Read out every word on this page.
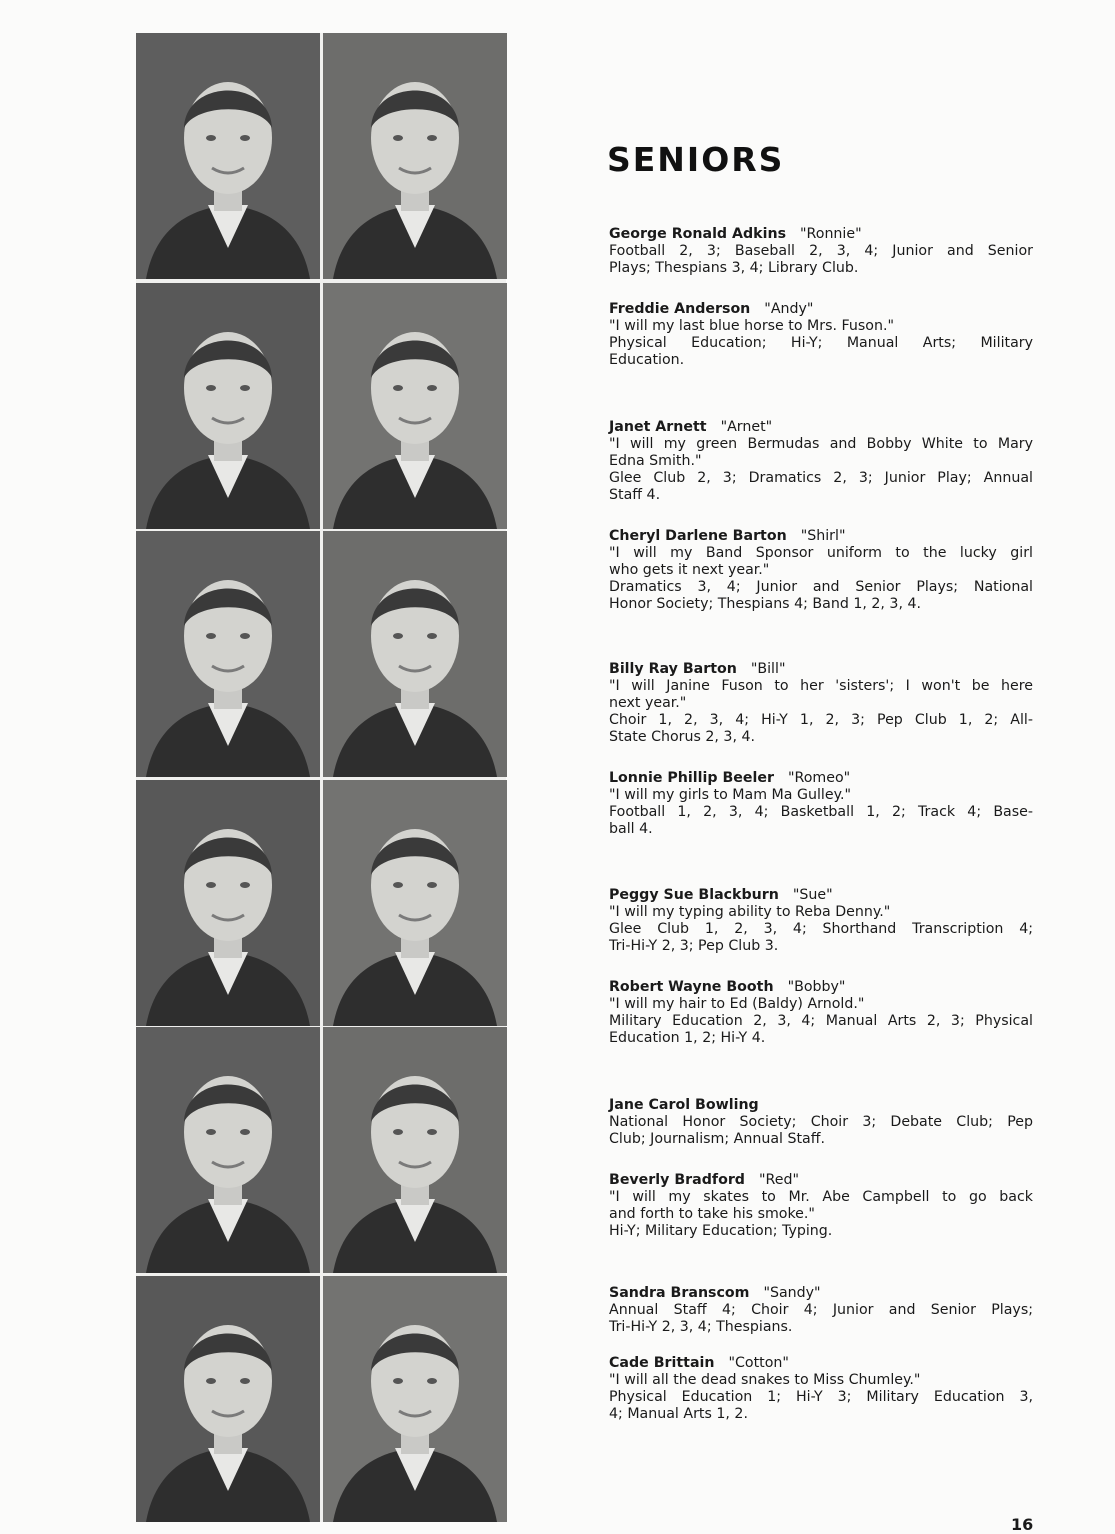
SENIORS
George Ronald Adkins "Ronnie"
Football 2, 3; Baseball 2, 3, 4; Junior and Senior
Plays; Thespians 3, 4; Library Club.
Freddie Anderson "Andy"
"I will my last blue horse to Mrs. Fuson."
Physical Education; Hi-Y; Manual Arts; Military
Education.
Janet Arnett "Arnet"
"I will my green Bermudas and Bobby White to Mary
Edna Smith."
Glee Club 2, 3; Dramatics 2, 3; Junior Play; Annual
Staff 4.
Cheryl Darlene Barton "Shirl"
"I will my Band Sponsor uniform to the lucky girl
who gets it next year."
Dramatics 3, 4; Junior and Senior Plays; National
Honor Society; Thespians 4; Band 1, 2, 3, 4.
Billy Ray Barton "Bill"
"I will Janine Fuson to her 'sisters'; I won't be here
next year."
Choir 1, 2, 3, 4; Hi-Y 1, 2, 3; Pep Club 1, 2; All-
State Chorus 2, 3, 4.
Lonnie Phillip Beeler "Romeo"
"I will my girls to Mam Ma Gulley."
Football 1, 2, 3, 4; Basketball 1, 2; Track 4; Base-
ball 4.
Peggy Sue Blackburn "Sue"
"I will my typing ability to Reba Denny."
Glee Club 1, 2, 3, 4; Shorthand Transcription 4;
Tri-Hi-Y 2, 3; Pep Club 3.
Robert Wayne Booth "Bobby"
"I will my hair to Ed (Baldy) Arnold."
Military Education 2, 3, 4; Manual Arts 2, 3; Physical
Education 1, 2; Hi-Y 4.
Jane Carol Bowling
National Honor Society; Choir 3; Debate Club; Pep
Club; Journalism; Annual Staff.
Beverly Bradford "Red"
"I will my skates to Mr. Abe Campbell to go back
and forth to take his smoke."
Hi-Y; Military Education; Typing.
Sandra Branscom "Sandy"
Annual Staff 4; Choir 4; Junior and Senior Plays;
Tri-Hi-Y 2, 3, 4; Thespians.
Cade Brittain "Cotton"
"I will all the dead snakes to Miss Chumley."
Physical Education 1; Hi-Y 3; Military Education 3,
4; Manual Arts 1, 2.
16
